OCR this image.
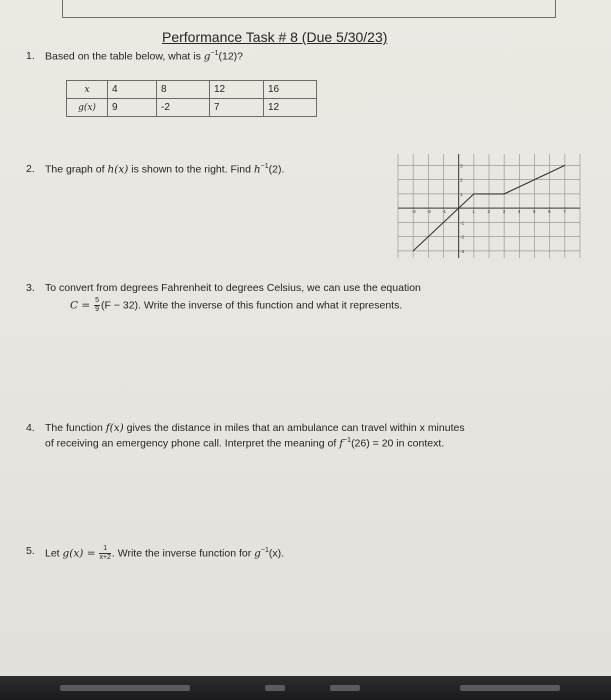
Performance Task # 8 (Due 5/30/23)
1. Based on the table below, what is $g^{-1}(12)$?
x	4	8	12	16
g(x)	9	-2	7	12
2. The graph of h(x) is shown to the right. Find $h^{-1}(2)$.
-3 -2 -1	1	2	3	4	5	6	7
3
2
1
-1
-2
-3
3. To convert from degrees Fahrenheit to degrees Celsius, we can use the equation
$C = \frac{5}{9} (F - 32)$. Write the inverse of this function and what it represents.
4. The function f(x) gives the distance in miles that an ambulance can travel within x minutes
of receiving an emergency phone call. Interpret the meaning of $f^{-1}(26) = 20$ in context.
5. Let $g(x) = \frac{1}{x+2}$ . Write the inverse function for $g^{-1}(x)$.
